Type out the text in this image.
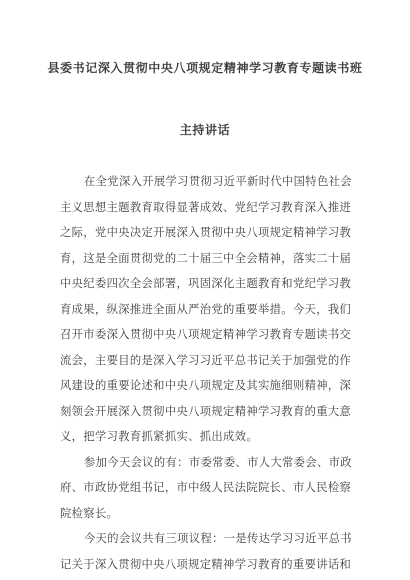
县委书记深入贯彻中央八项规定精神学习教育专题读书班
主持讲话
在全党深入开展学习贯彻习近平新时代中国特色社会
主义思想主题教育取得显著成效、党纪学习教育深入推进
之际，党中央决定开展深入贯彻中央八项规定精神学习教
育，这是全面贯彻党的二十届三中全会精神，落实二十届
中央纪委四次全会部署，巩固深化主题教育和党纪学习教
育成果，纵深推进全面从严治党的重要举措。今天，我们
召开市委深入贯彻中央八项规定精神学习教育专题读书交
流会，主要目的是深入学习习近平总书记关于加强党的作
风建设的重要论述和中央八项规定及其实施细则精神，深
刻领会开展深入贯彻中央八项规定精神学习教育的重大意
义，把学习教育抓紧抓实、抓出成效。
参加今天会议的有：市委常委、市人大常委会、市政
府、市政协党组书记，市中级人民法院院长、市人民检察
院检察长。
今天的会议共有三项议程：一是传达学习习近平总书
记关于深入贯彻中央八项规定精神学习教育的重要讲话和
